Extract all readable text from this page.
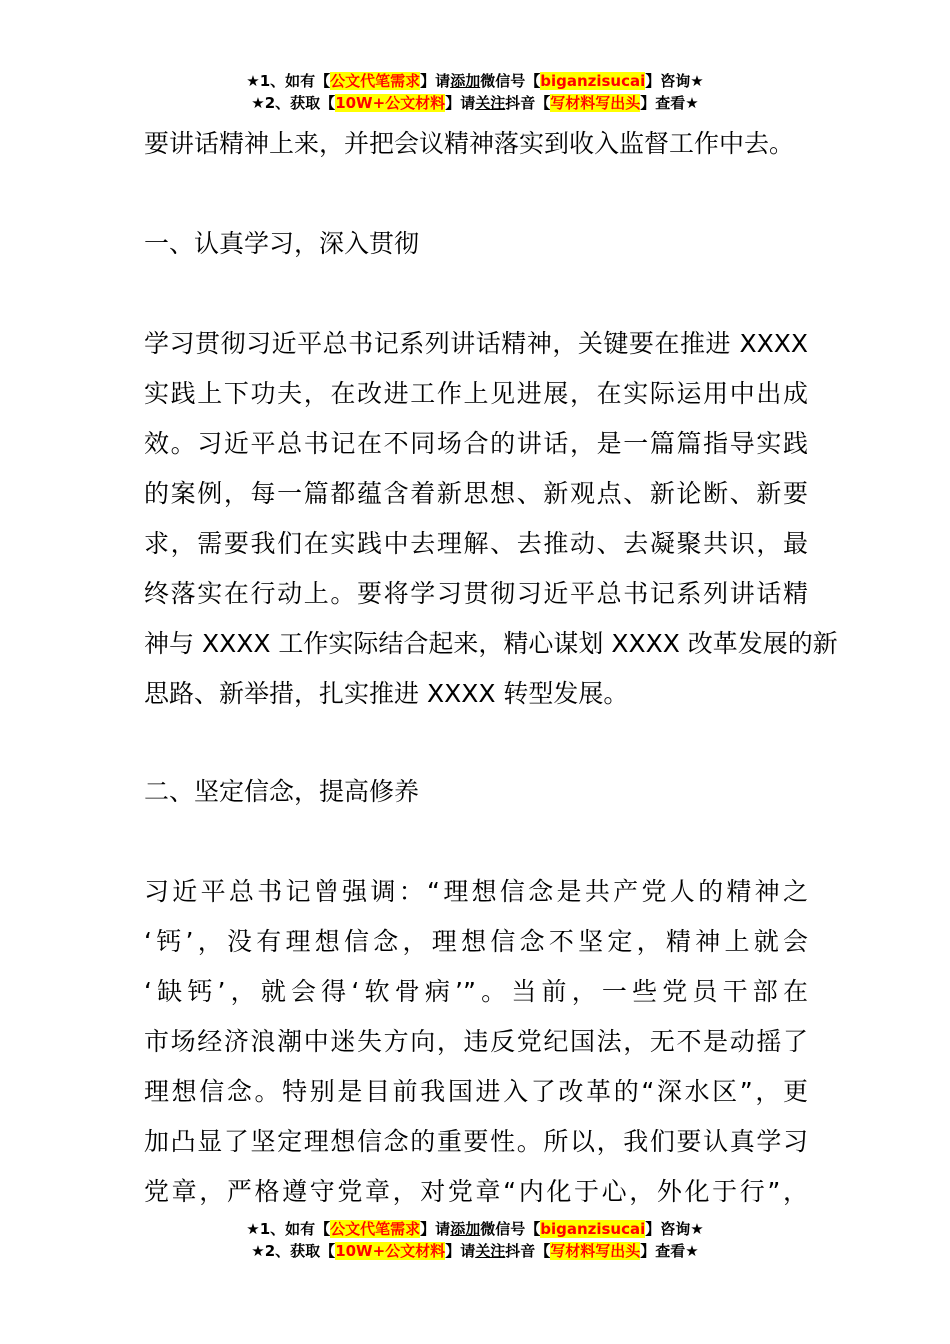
★1、如有【公文代笔需求】请添加微信号【biganzisucai】咨询★
★2、获取【10W+公文材料】请关注抖音【写材料写出头】查看★
要讲话精神上来，并把会议精神落实到收入监督工作中去。
一、认真学习，深入贯彻
学习贯彻习近平总书记系列讲话精神，关键要在推进 XXXX
实践上下功夫，在改进工作上见进展，在实际运用中出成
效。习近平总书记在不同场合的讲话，是一篇篇指导实践
的案例，每一篇都蕴含着新思想、新观点、新论断、新要
求，需要我们在实践中去理解、去推动、去凝聚共识，最
终落实在行动上。要将学习贯彻习近平总书记系列讲话精
神与 XXXX 工作实际结合起来，精心谋划 XXXX 改革发展的新
思路、新举措，扎实推进 XXXX 转型发展。
二、坚定信念，提高修养
习近平总书记曾强调：“理想信念是共产党人的精神之
‘钙’，没有理想信念，理想信念不坚定，精神上就会
‘缺钙’，就会得‘软骨病’”。当前，一些党员干部在
市场经济浪潮中迷失方向，违反党纪国法，无不是动摇了
理想信念。特别是目前我国进入了改革的“深水区”，更
加凸显了坚定理想信念的重要性。所以，我们要认真学习
党章，严格遵守党章，对党章“内化于心，外化于行”，
★1、如有【公文代笔需求】请添加微信号【biganzisucai】咨询★
★2、获取【10W+公文材料】请关注抖音【写材料写出头】查看★
